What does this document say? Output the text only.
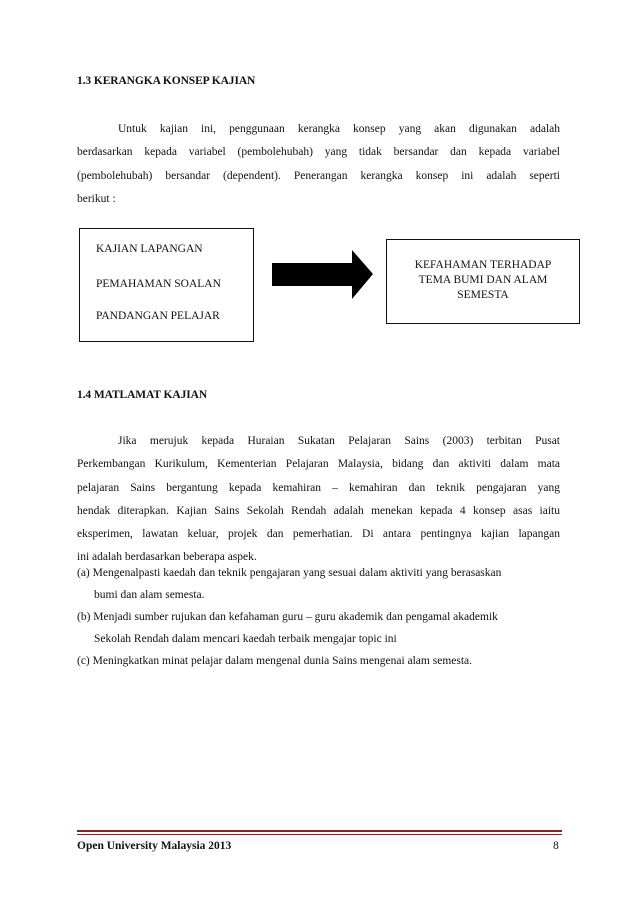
1.3 KERANGKA KONSEP KAJIAN
Untuk kajian ini, penggunaan kerangka konsep yang akan digunakan adalah
berdasarkan kepada variabel (pembolehubah) yang tidak bersandar dan kepada variabel
(pembolehubah) bersandar (dependent). Penerangan kerangka konsep ini adalah seperti
berikut :
KAJIAN LAPANGAN
PEMAHAMAN SOALAN
PANDANGAN PELAJAR
KEFAHAMAN TERHADAP
TEMA BUMI DAN ALAM
SEMESTA
1.4 MATLAMAT KAJIAN
Jika merujuk kepada Huraian Sukatan Pelajaran Sains (2003) terbitan Pusat
Perkembangan Kurikulum, Kementerian Pelajaran Malaysia, bidang dan aktiviti dalam mata
pelajaran Sains bergantung kepada kemahiran – kemahiran dan teknik pengajaran yang
hendak diterapkan. Kajian Sains Sekolah Rendah adalah menekan kepada 4 konsep asas iaitu
eksperimen, lawatan keluar, projek dan pemerhatian. Di antara pentingnya kajian lapangan
ini adalah berdasarkan beberapa aspek.
(a) Mengenalpasti kaedah dan teknik pengajaran yang sesuai dalam aktiviti yang berasaskan
bumi dan alam semesta.
(b) Menjadi sumber rujukan dan kefahaman guru – guru akademik dan pengamal akademik
Sekolah Rendah dalam mencari kaedah terbaik mengajar topic ini
(c) Meningkatkan minat pelajar dalam mengenal dunia Sains mengenai alam semesta.
Open University Malaysia 2013	8
